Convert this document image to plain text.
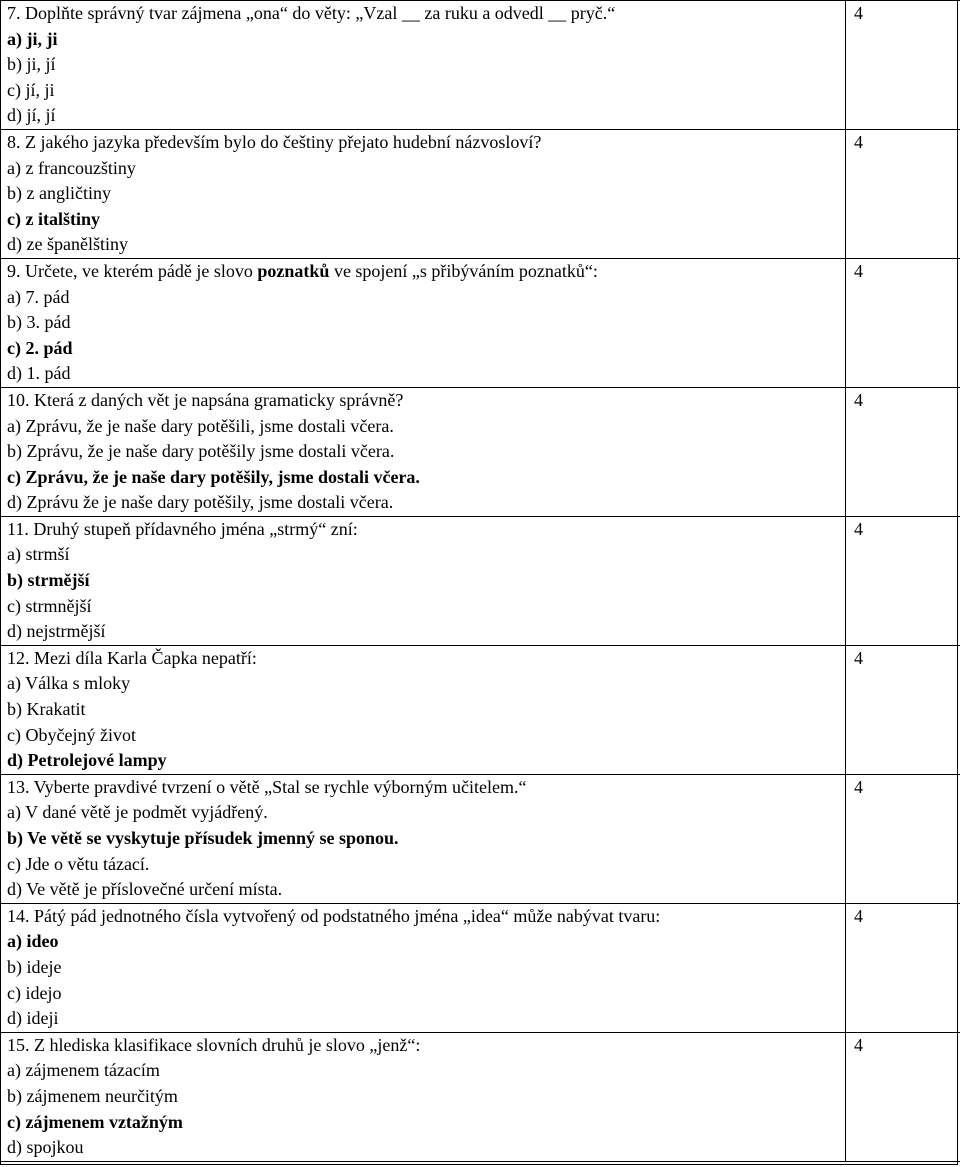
7. Doplňte správný tvar zájmena „ona“ do věty: „Vzal __ za ruku a odvedl __ pryč.“
a) ji, ji
b) ji, jí
c) jí, ji
d) jí, jí	4

8. Z jakého jazyka především bylo do češtiny přejato hudební názvosloví?
a) z francouzštiny
b) z angličtiny
c) z italštiny
d) ze španělštiny	4

9. Určete, ve kterém pádě je slovo poznatků ve spojení „s přibýváním poznatků“:
a) 7. pád
b) 3. pád
c) 2. pád
d) 1. pád	4

10. Která z daných vět je napsána gramaticky správně?
a) Zprávu, že je naše dary potěšili, jsme dostali včera.
b) Zprávu, že je naše dary potěšily jsme dostali včera.
c) Zprávu, že je naše dary potěšily, jsme dostali včera.
d) Zprávu že je naše dary potěšily, jsme dostali včera.	4

11. Druhý stupeň přídavného jména „strmý“ zní:
a) strmší
b) strmější
c) strmnější
d) nejstrmější	4

12. Mezi díla Karla Čapka nepatří:
a) Válka s mloky
b) Krakatit
c) Obyčejný život
d) Petrolejové lampy	4

13. Vyberte pravdivé tvrzení o větě „Stal se rychle výborným učitelem.“
a) V dané větě je podmět vyjádřený.
b) Ve větě se vyskytuje přísudek jmenný se sponou.
c) Jde o větu tázací.
d) Ve větě je příslovečné určení místa.	4

14. Pátý pád jednotného čísla vytvořený od podstatného jména „idea“ může nabývat tvaru:
a) ideo
b) ideje
c) idejo
d) ideji	4

15. Z hlediska klasifikace slovních druhů je slovo „jenž“:
a) zájmenem tázacím
b) zájmenem neurčitým
c) zájmenem vztažným
d) spojkou	4
